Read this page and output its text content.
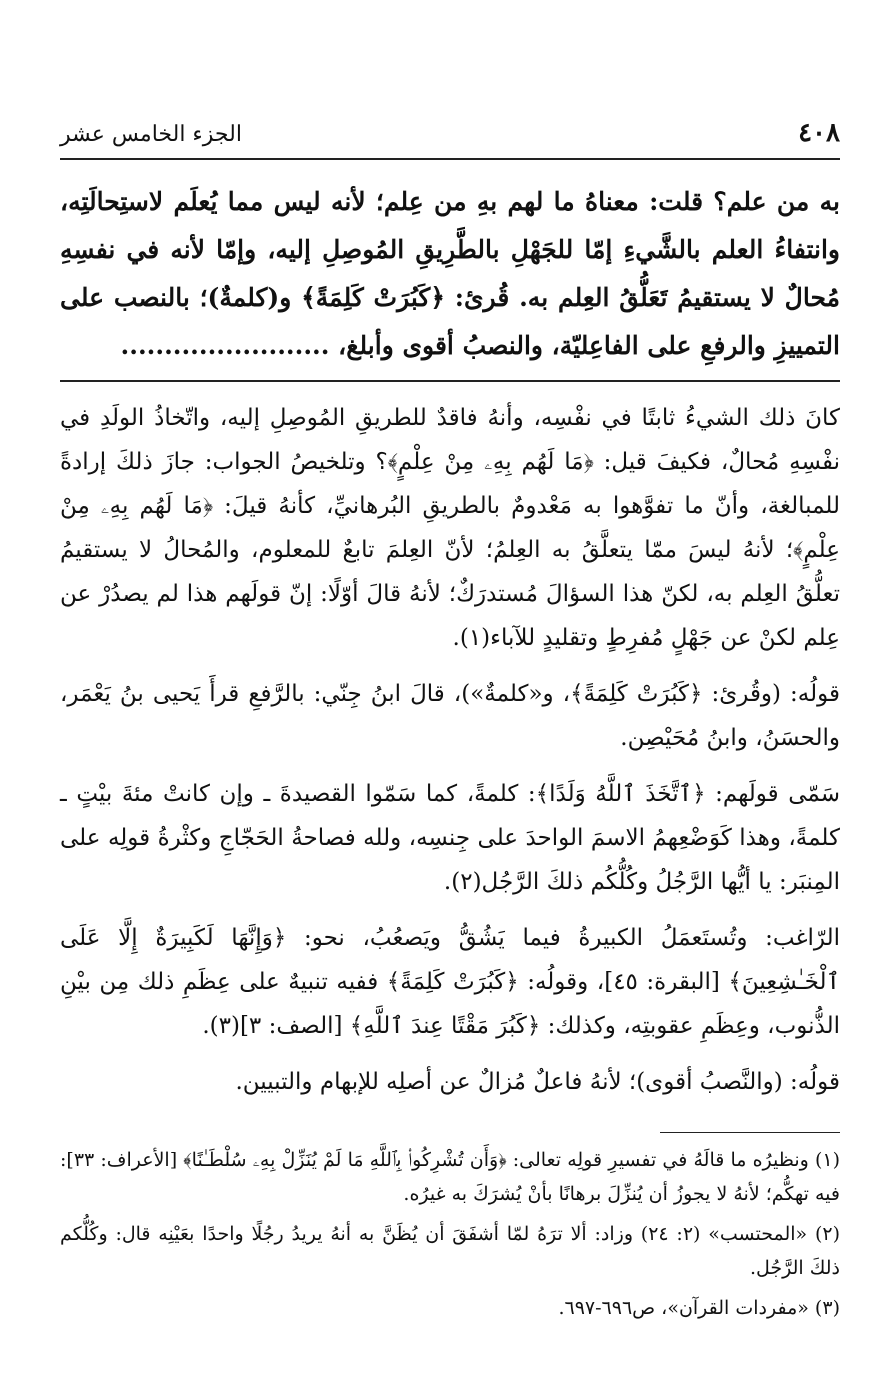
٤٠٨
الجزء الخامس عشر
به من علم؟ قلت: معناهُ ما لهم بهِ من عِلم؛ لأنه ليس مما يُعلَم لاستِحالَتِه، وانتفاءُ العلم بالشَّيءِ إمّا للجَهْلِ بالطَّرِيقِ المُوصِلِ إليه، وإمّا لأنه في نفسِهِ مُحالٌ لا يستقيمُ تَعَلُّقُ العِلم به. قُرئ: ﴿كَبُرَتْ كَلِمَةً﴾ و(كلمةٌ)؛ بالنصب على التمييزِ والرفعِ على الفاعِليّة، والنصبُ أقوى وأبلغ، ........................

كانَ ذلك الشيءُ ثابتًا في نفْسِه، وأنهُ فاقدٌ للطريقِ المُوصِلِ إليه، واتّخاذُ الولَدِ في نفْسِهِ مُحالٌ، فكيفَ قيل: ﴿مَا لَهُم بِهِۦ مِنْ عِلْمٍ﴾؟ وتلخيصُ الجواب: جازَ ذلكَ إرادةً للمبالغة، وأنّ ما تفوَّهوا به مَعْدومٌ بالطريقِ البُرهانيِّ، كأنهُ قيلَ: ﴿مَا لَهُم بِهِۦ مِنْ عِلْمٍ﴾؛ لأنهُ ليسَ ممّا يتعلَّقُ به العِلمُ؛ لأنّ العِلمَ تابعٌ للمعلوم، والمُحالُ لا يستقيمُ تعلُّقُ العِلم به، لكنّ هذا السؤالَ مُستدرَكٌ؛ لأنهُ قالَ أوّلًا: إنّ قولَهم هذا لم يصدُرْ عن عِلم لكنْ عن جَهْلٍ مُفرِطٍ وتقليدٍ للآباء(١).

قولُه: (وقُرئ: ﴿كَبُرَتْ كَلِمَةً﴾، و«كلمةٌ»)، قالَ ابنُ جِنّي: بالرَّفعِ قرأَ يَحيى بنُ يَعْمَر، والحسَنُ، وابنُ مُحَيْصِن.

سَمّى قولَهم: ﴿ٱتَّخَذَ ٱللَّهُ وَلَدًا﴾: كلمةً، كما سَمّوا القصيدةَ ـ وإن كانتْ مئةَ بيْتٍ ـ كلمةً، وهذا كَوَضْعِهمُ الاسمَ الواحدَ على جِنسِه، ولله فصاحةُ الحَجّاجِ وكثْرةُ قولِه على المِنبَر: يا أيُّها الرَّجُلُ وكُلُّكُم ذلكَ الرَّجُل(٢).

الرّاغب: وتُستَعمَلُ الكبيرةُ فيما يَشُقُّ ويَصعُبُ، نحو: ﴿وَإِنَّهَا لَكَبِيرَةٌ إِلَّا عَلَى ٱلْخَـٰشِعِينَ﴾ [البقرة: ٤٥]، وقولُه: ﴿كَبُرَتْ كَلِمَةً﴾ ففيه تنبيهٌ على عِظَمِ ذلك مِن بيْنِ الذُّنوب، وعِظَمِ عقوبتِه، وكذلك: ﴿كَبُرَ مَقْتًا عِندَ ٱللَّهِ﴾ [الصف: ٣](٣).

قولُه: (والنَّصبُ أقوى)؛ لأنهُ فاعلٌ مُزالٌ عن أصلِه للإبهام والتبيين.

(١) ونظيرُه ما قالَهُ في تفسيرِ قولِه تعالى: ﴿وَأَن تُشْرِكُوا۟ بِٱللَّهِ مَا لَمْ يُنَزِّلْ بِهِۦ سُلْطَـٰنًا﴾ [الأعراف: ٣٣]: فيه تهكُّم؛ لأنهُ لا يجوزُ أن يُنزِّلَ برهانًا بأنْ يُشرَكَ به غيرُه.

(٢) «المحتسب» (٢: ٢٤) وزاد: ألا ترَهُ لمّا أشفَقَ أن يُظَنَّ به أنهُ يريدُ رجُلًا واحدًا بعَيْنِه قال: وكُلُّكم ذلكَ الرَّجُل.

(٣) «مفردات القرآن»، ص٦٩٦-٦٩٧.
